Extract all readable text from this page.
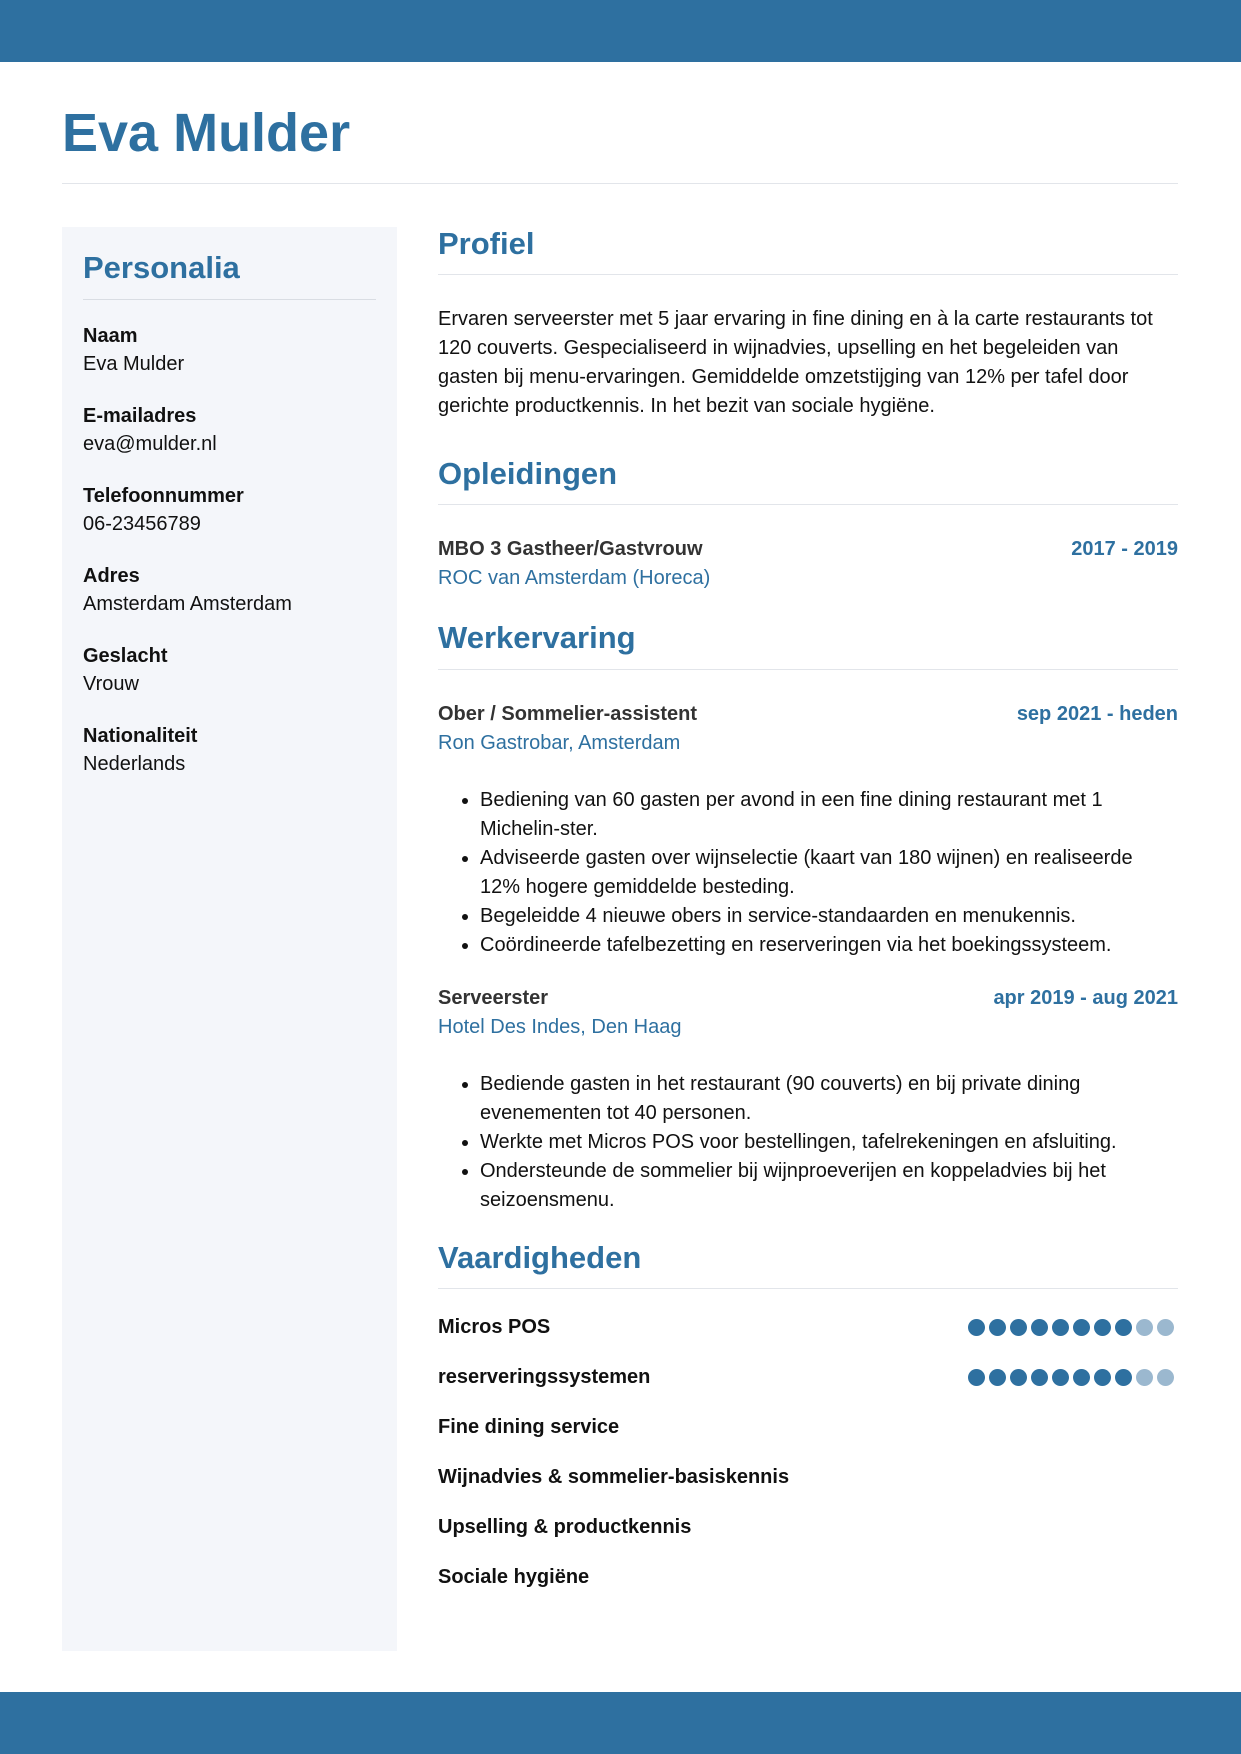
Eva Mulder
Personalia
Naam
Eva Mulder
E-mailadres
eva@mulder.nl
Telefoonnummer
06-23456789
Adres
Amsterdam Amsterdam
Geslacht
Vrouw
Nationaliteit
Nederlands
Profiel

Ervaren serveerster met 5 jaar ervaring in fine dining en à la carte restaurants tot 120 couverts. Gespecialiseerd in wijnadvies, upselling en het begeleiden van gasten bij menu-ervaringen. Gemiddelde omzetstijging van 12% per tafel door gerichte productkennis. In het bezit van sociale hygiëne.

Opleidingen
MBO 3 Gastheer/Gastvrouw	2017 - 2019
ROC van Amsterdam (Horeca)
Werkervaring
Ober / Sommelier-assistent	sep 2021 - heden
Ron Gastrobar, Amsterdam
• Bediening van 60 gasten per avond in een fine dining restaurant met 1 Michelin-ster.
• Adviseerde gasten over wijnselectie (kaart van 180 wijnen) en realiseerde 12% hogere gemiddelde besteding.
• Begeleidde 4 nieuwe obers in service-standaarden en menukennis.
• Coördineerde tafelbezetting en reserveringen via het boekingssysteem.
Serveerster	apr 2019 - aug 2021
Hotel Des Indes, Den Haag
• Bediende gasten in het restaurant (90 couverts) en bij private dining evenementen tot 40 personen.
• Werkte met Micros POS voor bestellingen, tafelrekeningen en afsluiting.
• Ondersteunde de sommelier bij wijnproeverijen en koppeladvies bij het seizoensmenu.
Vaardigheden
Micros POS
reserveringssystemen
Fine dining service
Wijnadvies & sommelier-basiskennis
Upselling & productkennis
Sociale hygiëne
